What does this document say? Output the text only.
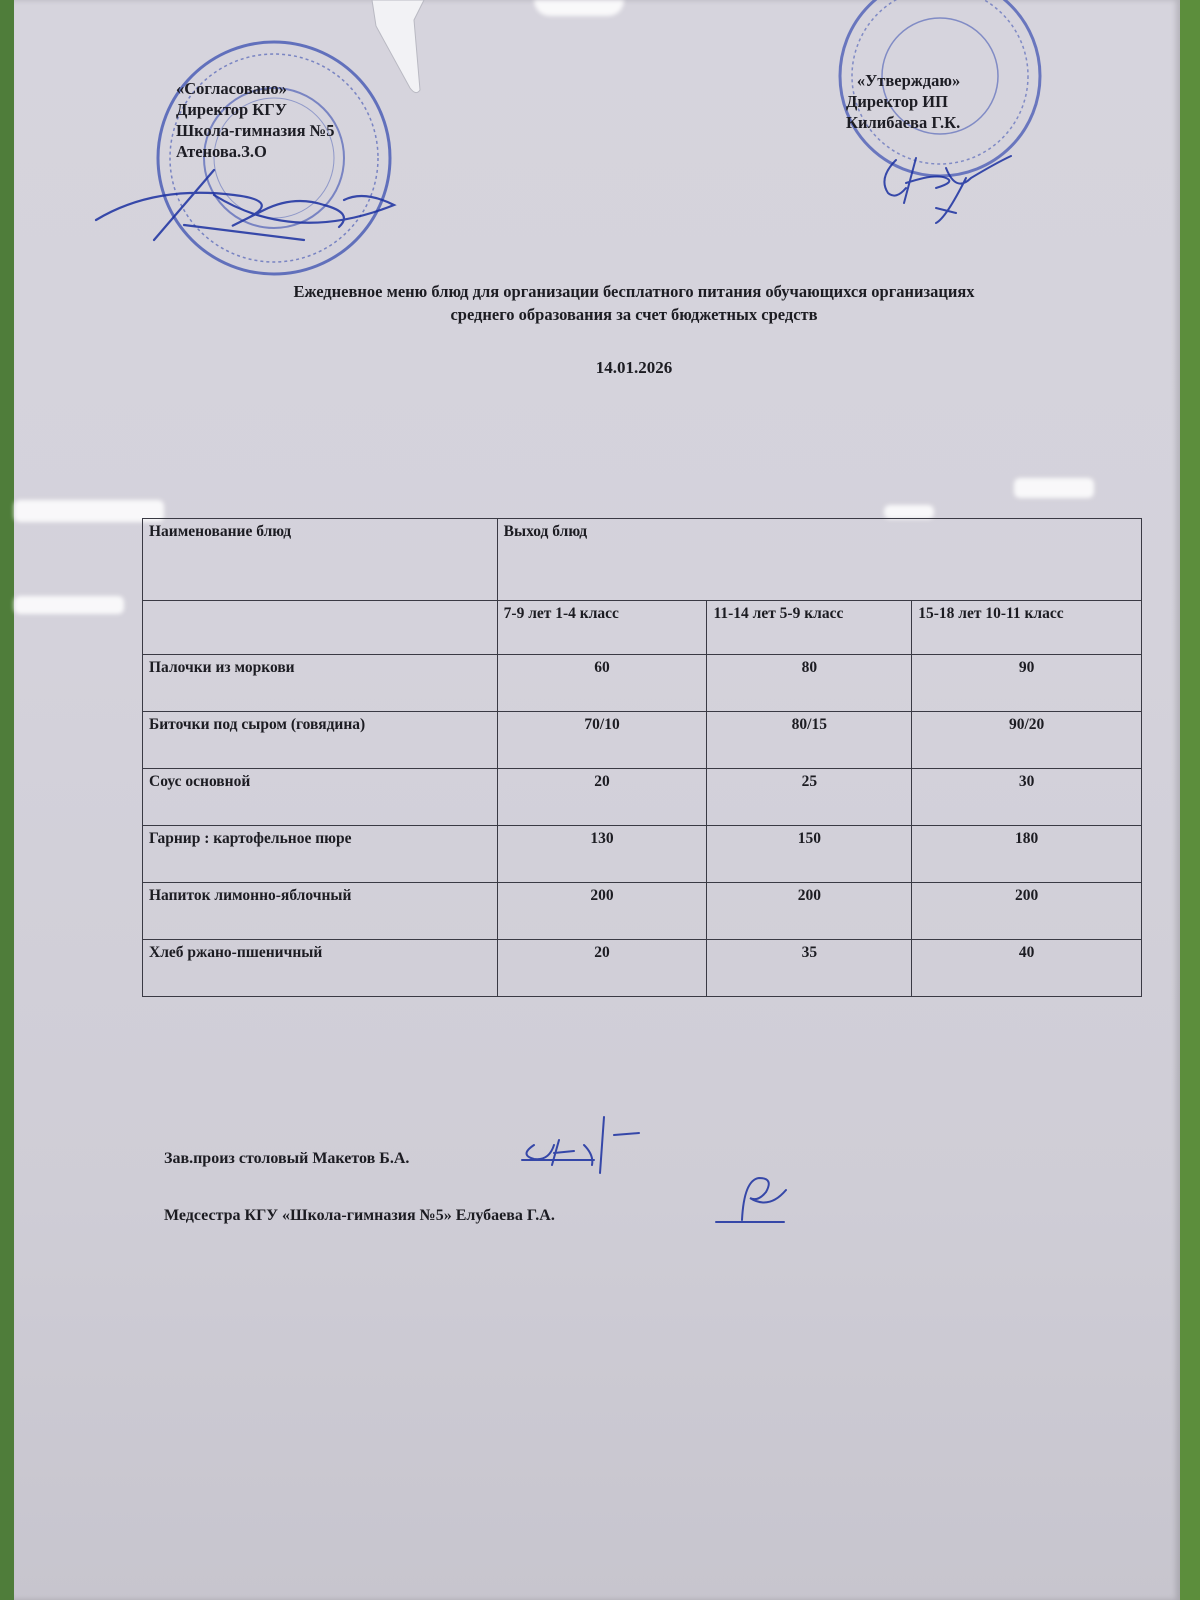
«Согласовано»
Директор КГУ
Школа-гимназия №5
Атенова.З.О
«Утверждаю»
Директор ИП
Килибаева Г.К.
Ежедневное меню блюд для организации бесплатного питания обучающихся организациях
среднего образования за счет бюджетных средств
14.01.2026
Наименование блюд	Выход блюд		
	7-9 лет 1-4 класс	11-14 лет 5-9 класс	15-18 лет 10-11 класс
Палочки из моркови	60	80	90
Биточки под сыром (говядина)	70/10	80/15	90/20
Соус основной	20	25	30
Гарнир : картофельное пюре	130	150	180
Напиток лимонно-яблочный	200	200	200
Хлеб ржано-пшеничный	20	35	40
Зав.произ столовый Макетов Б.А.
Медсестра КГУ «Школа-гимназия №5» Елубаева Г.А.
